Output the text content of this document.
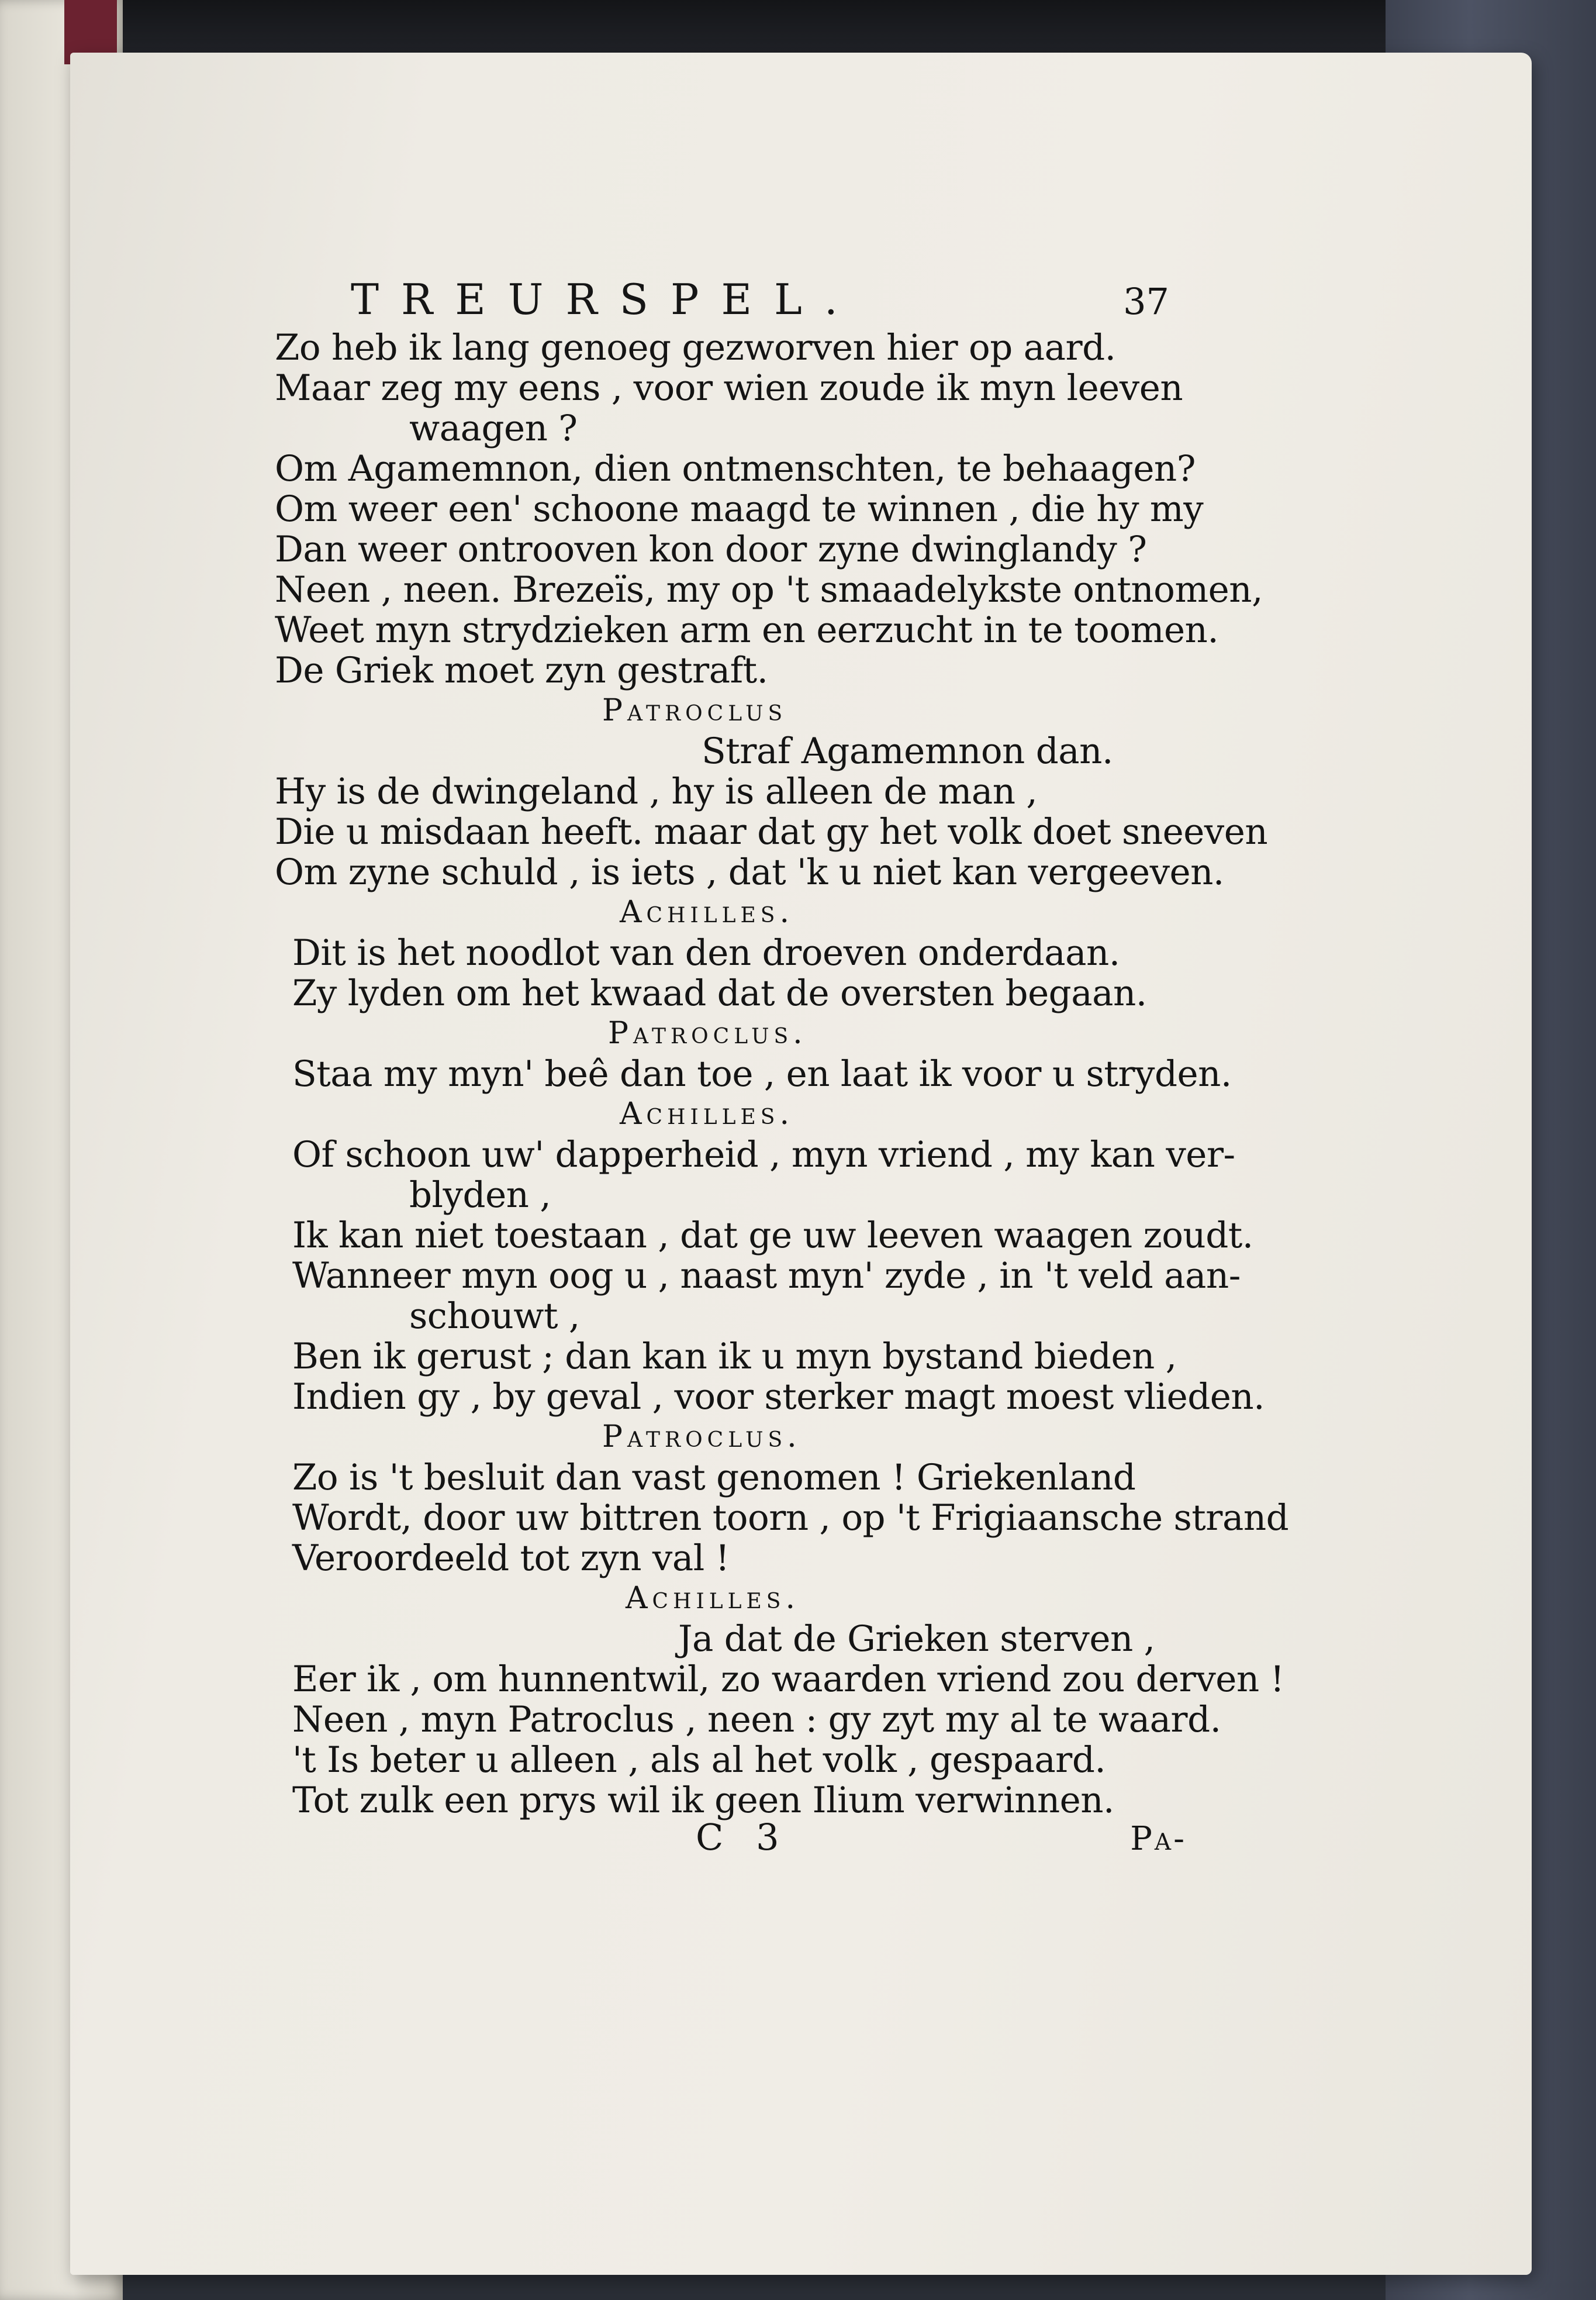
TREURSPEL.	37
Zo heb ik lang genoeg gezworven hier op aard.
Maar zeg my eens , voor wien zoude ik myn leeven
waagen ?
Om Agamemnon, dien ontmenschten, te behaagen?
Om weer een' schoone maagd te winnen , die hy my
Dan weer ontrooven kon door zyne dwinglandy ?
Neen , neen. Brezeïs, my op 't smaadelykste ontnomen,
Weet myn strydzieken arm en eerzucht in te toomen.
De Griek moet zyn gestraft.
Patroclus
Straf Agamemnon dan.
Hy is de dwingeland , hy is alleen de man ,
Die u misdaan heeft. maar dat gy het volk doet sneeven
Om zyne schuld , is iets , dat 'k u niet kan vergeeven.
Achilles.
Dit is het noodlot van den droeven onderdaan.
Zy lyden om het kwaad dat de oversten begaan.
Patroclus.
Staa my myn' beê dan toe , en laat ik voor u stryden.
Achilles.
Of schoon uw' dapperheid , myn vriend , my kan ver-
blyden ,
Ik kan niet toestaan , dat ge uw leeven waagen zoudt.
Wanneer myn oog u , naast myn' zyde , in 't veld aan-
schouwt ,
Ben ik gerust ; dan kan ik u myn bystand bieden ,
Indien gy , by geval , voor sterker magt moest vlieden.
Patroclus.
Zo is 't besluit dan vast genomen ! Griekenland
Wordt, door uw bittren toorn , op 't Frigiaansche strand
Veroordeeld tot zyn val !
Achilles.
Ja dat de Grieken sterven ,
Eer ik , om hunnentwil, zo waarden vriend zou derven !
Neen , myn Patroclus , neen : gy zyt my al te waard.
't Is beter u alleen , als al het volk , gespaard.
Tot zulk een prys wil ik geen Ilium verwinnen.
C 3	Pa-
